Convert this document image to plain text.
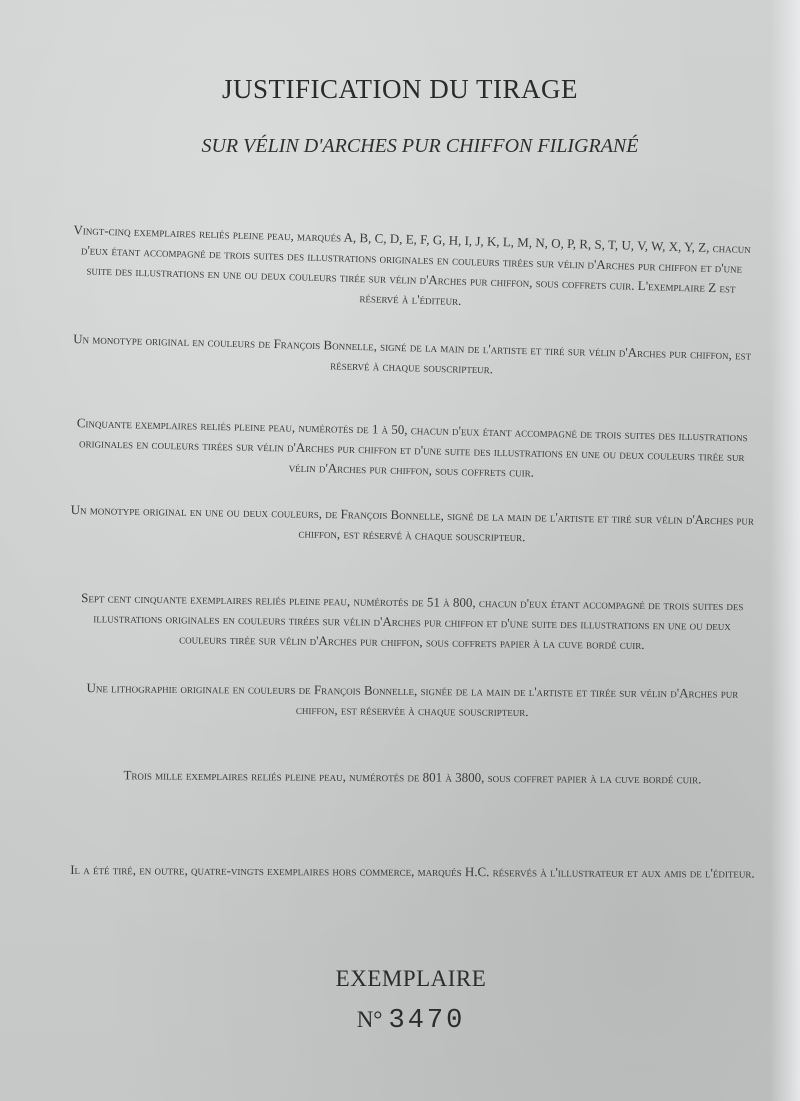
JUSTIFICATION DU TIRAGE
SUR VÉLIN D'ARCHES PUR CHIFFON FILIGRANÉ
Vingt-cinq exemplaires reliés pleine peau, marqués A, B, C, D, E, F, G, H, I, J, K, L, M, N, O, P, R, S, T, U, V, W, X, Y, Z, chacun d'eux étant accompagné de trois suites des illustrations originales en couleurs tirées sur vélin d'Arches pur chiffon et d'une suite des illustrations en une ou deux couleurs tirée sur vélin d'Arches pur chiffon, sous coffrets cuir. L'exemplaire Z est réservé à l'éditeur.
Un monotype original en couleurs de François Bonnelle, signé de la main de l'artiste et tiré sur vélin d'Arches pur chiffon, est réservé à chaque souscripteur.
Cinquante exemplaires reliés pleine peau, numérotés de 1 à 50, chacun d'eux étant accompagné de trois suites des illustrations originales en couleurs tirées sur vélin d'Arches pur chiffon et d'une suite des illustrations en une ou deux couleurs tirée sur vélin d'Arches pur chiffon, sous coffrets cuir.
Un monotype original en une ou deux couleurs, de François Bonnelle, signé de la main de l'artiste et tiré sur vélin d'Arches pur chiffon, est réservé à chaque souscripteur.
Sept cent cinquante exemplaires reliés pleine peau, numérotés de 51 à 800, chacun d'eux étant accompagné de trois suites des illustrations originales en couleurs tirées sur vélin d'Arches pur chiffon et d'une suite des illustrations en une ou deux couleurs tirée sur vélin d'Arches pur chiffon, sous coffrets papier à la cuve bordé cuir.
Une lithographie originale en couleurs de François Bonnelle, signée de la main de l'artiste et tirée sur vélin d'Arches pur chiffon, est réservée à chaque souscripteur.
Trois mille exemplaires reliés pleine peau, numérotés de 801 à 3800, sous coffret papier à la cuve bordé cuir.
Il a été tiré, en outre, quatre-vingts exemplaires hors commerce, marqués H.C. réservés à l'illustrateur et aux amis de l'éditeur.
EXEMPLAIRE
N° 3470
